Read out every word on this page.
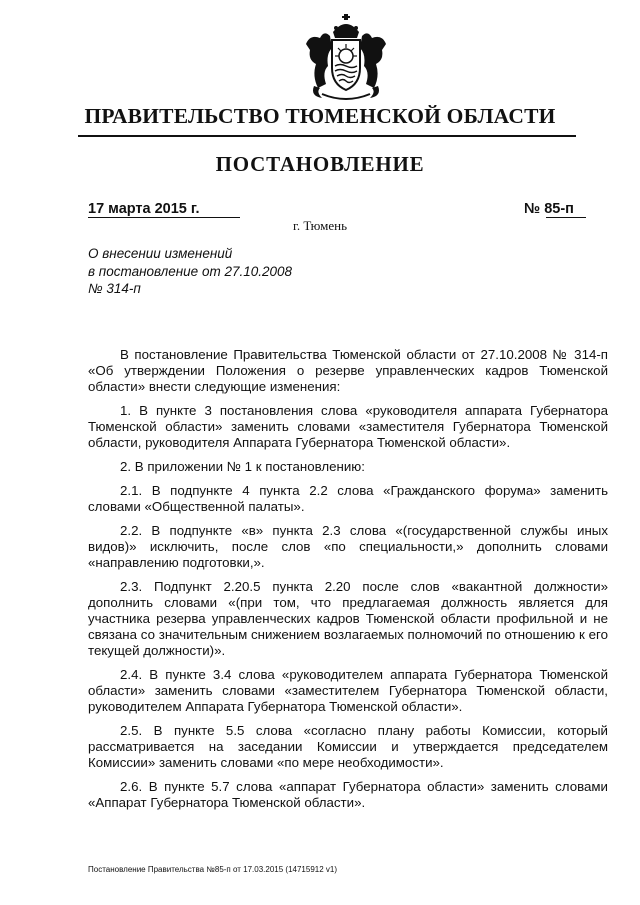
ПРАВИТЕЛЬСТВО ТЮМЕНСКОЙ ОБЛАСТИ
ПОСТАНОВЛЕНИЕ
17 марта 2015 г.	№ 85-п
г. Тюмень
О внесении изменений
в постановление от 27.10.2008
№ 314-п

В постановление Правительства Тюменской области от 27.10.2008 № 314-п «Об утверждении Положения о резерве управленческих кадров Тюменской области» внести следующие изменения:

1. В пункте 3 постановления слова «руководителя аппарата Губернатора Тюменской области» заменить словами «заместителя Губернатора Тюменской области, руководителя Аппарата Губернатора Тюменской области».

2. В приложении № 1 к постановлению:

2.1. В подпункте 4 пункта 2.2 слова «Гражданского форума» заменить словами «Общественной палаты».

2.2. В подпункте «в» пункта 2.3 слова «(государственной службы иных видов)» исключить, после слов «по специальности,» дополнить словами «направлению подготовки,».

2.3. Подпункт 2.20.5 пункта 2.20 после слов «вакантной должности» дополнить словами «(при том, что предлагаемая должность является для участника резерва управленческих кадров Тюменской области профильной и не связана со значительным снижением возлагаемых полномочий по отношению к его текущей должности)».

2.4. В пункте 3.4 слова «руководителем аппарата Губернатора Тюменской области» заменить словами «заместителем Губернатора Тюменской области, руководителем Аппарата Губернатора Тюменской области».

2.5. В пункте 5.5 слова «согласно плану работы Комиссии, который рассматривается на заседании Комиссии и утверждается председателем Комиссии» заменить словами «по мере необходимости».

2.6. В пункте 5.7 слова «аппарат Губернатора области» заменить словами «Аппарат Губернатора Тюменской области».

Постановление Правительства №85-п от 17.03.2015 (14715912 v1)
